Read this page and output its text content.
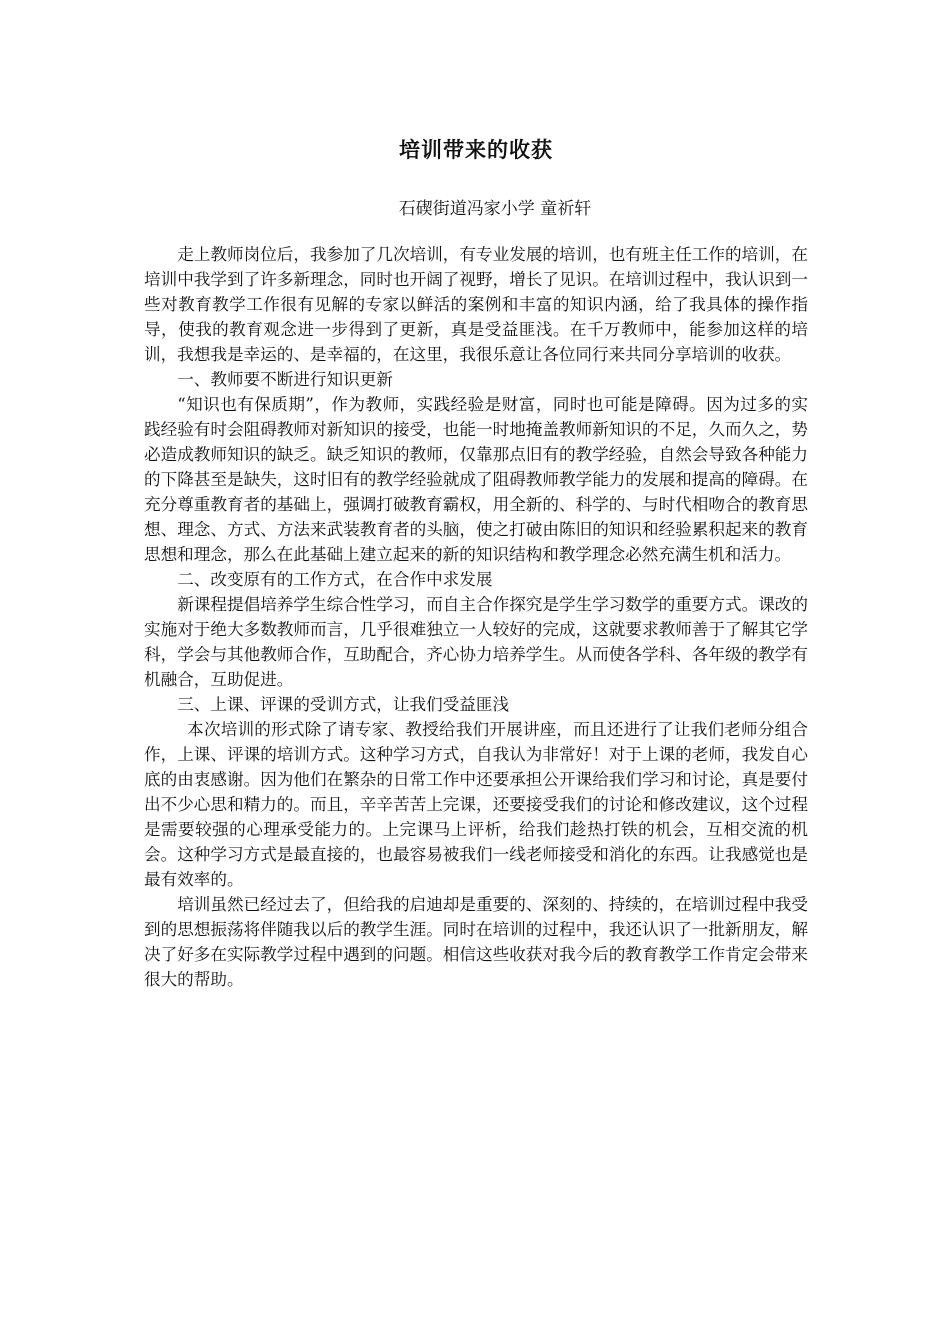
培训带来的收获

石碶街道冯家小学 童祈轩

走上教师岗位后，我参加了几次培训，有专业发展的培训，也有班主任工作的培训，在培训中我学到了许多新理念，同时也开阔了视野，增长了见识。在培训过程中，我认识到一些对教育教学工作很有见解的专家以鲜活的案例和丰富的知识内涵，给了我具体的操作指导，使我的教育观念进一步得到了更新，真是受益匪浅。在千万教师中，能参加这样的培训，我想我是幸运的、是幸福的，在这里，我很乐意让各位同行来共同分享培训的收获。

一、教师要不断进行知识更新

“知识也有保质期”，作为教师，实践经验是财富，同时也可能是障碍。因为过多的实践经验有时会阻碍教师对新知识的接受，也能一时地掩盖教师新知识的不足，久而久之，势必造成教师知识的缺乏。缺乏知识的教师，仅靠那点旧有的教学经验，自然会导致各种能力的下降甚至是缺失，这时旧有的教学经验就成了阻碍教师教学能力的发展和提高的障碍。在充分尊重教育者的基础上，强调打破教育霸权，用全新的、科学的、与时代相吻合的教育思想、理念、方式、方法来武装教育者的头脑，使之打破由陈旧的知识和经验累积起来的教育思想和理念，那么在此基础上建立起来的新的知识结构和教学理念必然充满生机和活力。

二、改变原有的工作方式，在合作中求发展

新课程提倡培养学生综合性学习，而自主合作探究是学生学习数学的重要方式。课改的实施对于绝大多数教师而言，几乎很难独立一人较好的完成，这就要求教师善于了解其它学科，学会与其他教师合作，互助配合，齐心协力培养学生。从而使各学科、各年级的教学有机融合，互助促进。

三、上课、评课的受训方式，让我们受益匪浅

本次培训的形式除了请专家、教授给我们开展讲座，而且还进行了让我们老师分组合作，上课、评课的培训方式。这种学习方式，自我认为非常好！对于上课的老师，我发自心底的由衷感谢。因为他们在繁杂的日常工作中还要承担公开课给我们学习和讨论，真是要付出不少心思和精力的。而且，辛辛苦苦上完课，还要接受我们的讨论和修改建议，这个过程是需要较强的心理承受能力的。上完课马上评析，给我们趁热打铁的机会，互相交流的机会。这种学习方式是最直接的，也最容易被我们一线老师接受和消化的东西。让我感觉也是最有效率的。

培训虽然已经过去了，但给我的启迪却是重要的、深刻的、持续的，在培训过程中我受到的思想振荡将伴随我以后的教学生涯。同时在培训的过程中，我还认识了一批新朋友，解决了好多在实际教学过程中遇到的问题。相信这些收获对我今后的教育教学工作肯定会带来很大的帮助。
